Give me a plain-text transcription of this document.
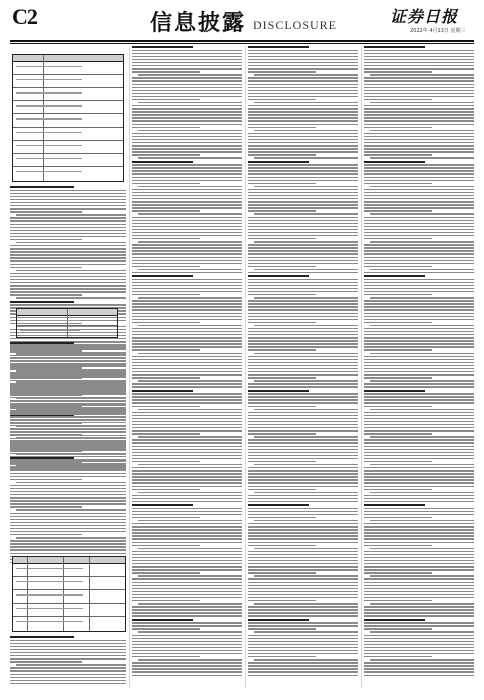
C2	信息披露 DISCLOSURE	证券日报
2022年 4月13日 星期三
